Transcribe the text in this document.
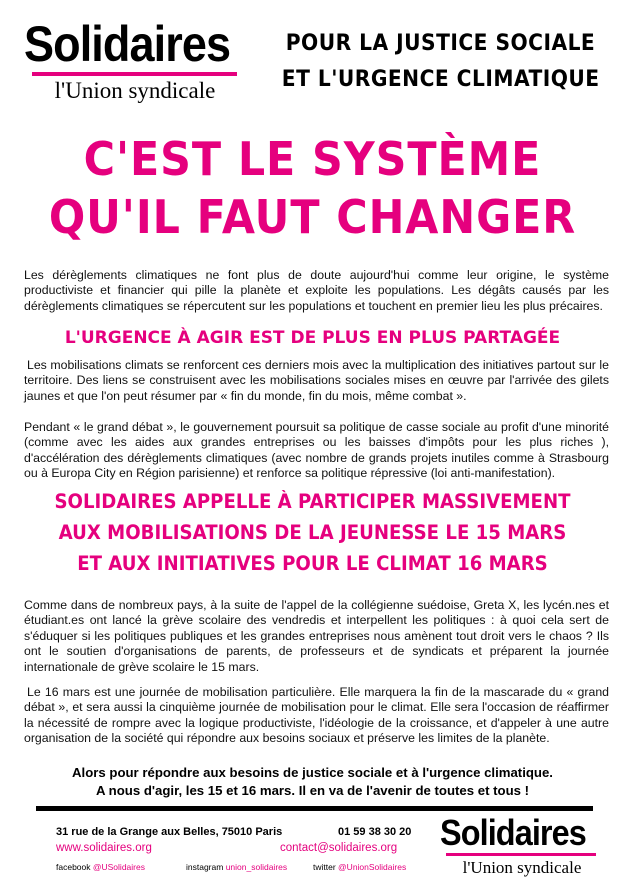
Solidaires
l'Union syndicale
POUR LA JUSTICE SOCIALE
ET L'URGENCE CLIMATIQUE
C'EST LE SYSTÈME
QU'IL FAUT CHANGER

Les dérèglements climatiques ne font plus de doute aujourd'hui comme leur origine, le système productiviste et financier qui pille la planète et exploite les populations. Les dégâts causés par les dérèglements climatiques se répercutent sur les populations et touchent en premier lieu les plus précaires.

L'URGENCE À AGIR EST DE PLUS EN PLUS PARTAGÉE

Les mobilisations climats se renforcent ces derniers mois avec la multiplication des initiatives partout sur le territoire. Des liens se construisent avec les mobilisations sociales mises en œuvre par l'arrivée des gilets jaunes et que l'on peut résumer par « fin du monde, fin du mois, même combat ».

Pendant « le grand débat », le gouvernement poursuit sa politique de casse sociale au profit d'une minorité (comme avec les aides aux grandes entreprises ou les baisses d'impôts pour les plus riches ), d'accélération des dérèglements climatiques (avec nombre de grands projets inutiles comme à Strasbourg ou à Europa City en Région parisienne) et renforce sa politique répressive (loi anti-manifestation).

SOLIDAIRES APPELLE À PARTICIPER MASSIVEMENT
AUX MOBILISATIONS DE LA JEUNESSE LE 15 MARS
ET AUX INITIATIVES POUR LE CLIMAT 16 MARS

Comme dans de nombreux pays, à la suite de l'appel de la collégienne suédoise, Greta X, les lycén.nes et étudiant.es ont lancé la grève scolaire des vendredis et interpellent les politiques : à quoi cela sert de s'éduquer si les politiques publiques et les grandes entreprises nous amènent tout droit vers le chaos ? Ils ont le soutien d'organisations de parents, de professeurs et de syndicats et préparent la journée internationale de grève scolaire le 15 mars.

Le 16 mars est une journée de mobilisation particulière. Elle marquera la fin de la mascarade du « grand débat », et sera aussi la cinquième journée de mobilisation pour le climat. Elle sera l'occasion de réaffirmer la nécessité de rompre avec la logique productiviste, l'idéologie de la croissance, et d'appeler à une autre organisation de la société qui répondre aux besoins sociaux et préserve les limites de la planète.

Alors pour répondre aux besoins de justice sociale et à l'urgence climatique.
A nous d'agir, les 15 et 16 mars. Il en va de l'avenir de toutes et tous !
31 rue de la Grange aux Belles, 75010 Paris	01 59 38 30 20
www.solidaires.org	contact@solidaires.org
facebook @USolidaires	instagram union_solidaires	twitter @UnionSolidaires
Solidaires
l'Union syndicale
